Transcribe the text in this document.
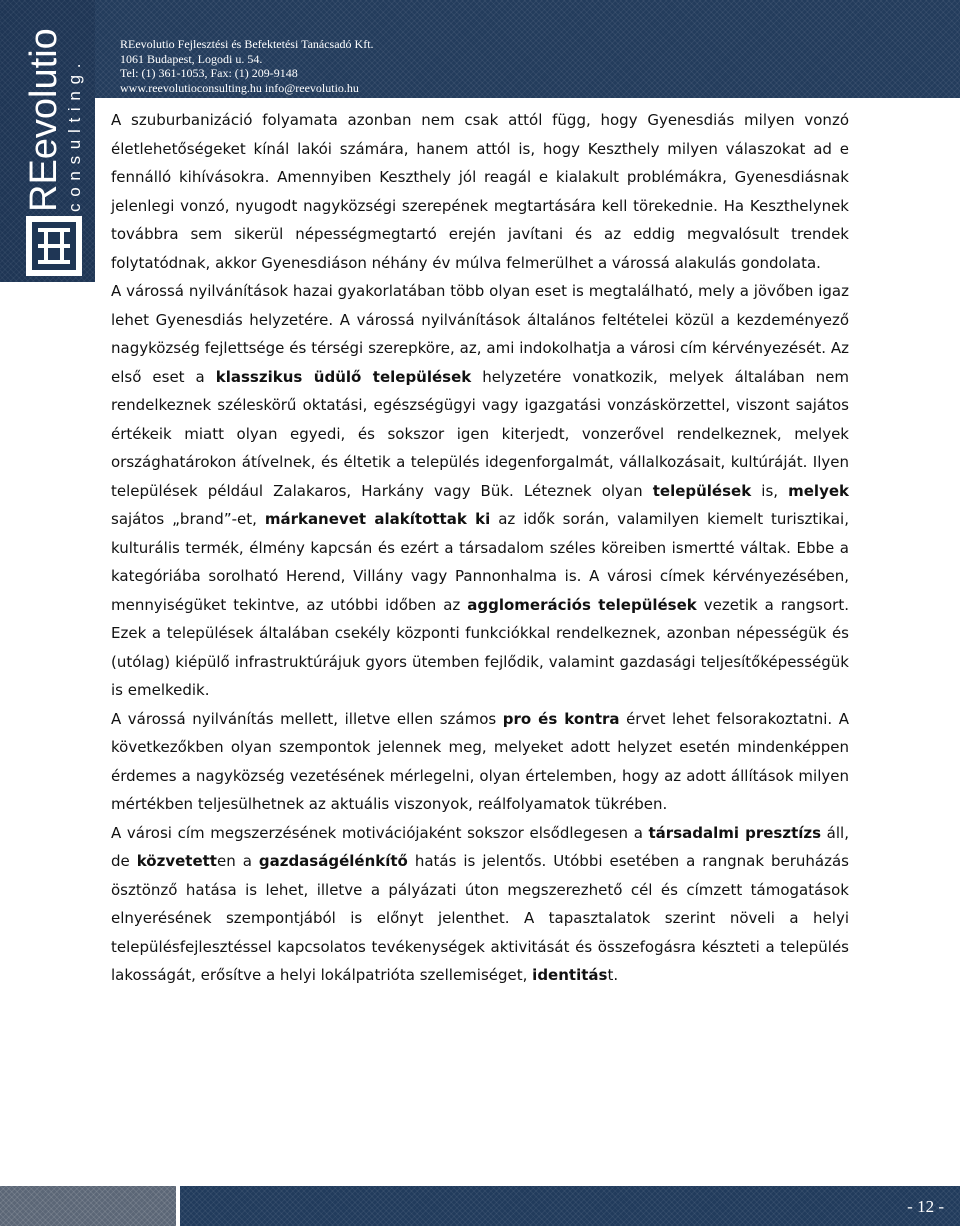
REevolutio c o n s u l t i n g .
REevolutio Fejlesztési és Befektetési Tanácsadó Kft.
1061 Budapest, Logodi u. 54.
Tel: (1) 361-1053, Fax: (1) 209-9148
www.reevolutioconsulting.hu info@reevolutio.hu

A szuburbanizáció folyamata azonban nem csak attól függ, hogy Gyenesdiás milyen vonzó életlehetőségeket kínál lakói számára, hanem attól is, hogy Keszthely milyen válaszokat ad e fennálló kihívásokra. Amennyiben Keszthely jól reagál e kialakult problémákra, Gyenesdiásnak jelenlegi vonzó, nyugodt nagyközségi szerepének megtartására kell törekednie. Ha Keszthelynek továbbra sem sikerül népességmegtartó erején javítani és az eddig megvalósult trendek folytatódnak, akkor Gyenesdiáson néhány év múlva felmerülhet a várossá alakulás gondolata.

A várossá nyilvánítások hazai gyakorlatában több olyan eset is megtalálható, mely a jövőben igaz lehet Gyenesdiás helyzetére. A várossá nyilvánítások általános feltételei közül a kezdeményező nagyközség fejlettsége és térségi szerepköre, az, ami indokolhatja a városi cím kérvényezését. Az első eset a klasszikus üdülő települések helyzetére vonatkozik, melyek általában nem rendelkeznek széleskörű oktatási, egészségügyi vagy igazgatási vonzáskörzettel, viszont sajátos értékeik miatt olyan egyedi, és sokszor igen kiterjedt, vonzerővel rendelkeznek, melyek országhatárokon átívelnek, és éltetik a település idegenforgalmát, vállalkozásait, kultúráját. Ilyen települések például Zalakaros, Harkány vagy Bük. Léteznek olyan települések is, melyek sajátos „brand”-et, márkanevet alakítottak ki az idők során, valamilyen kiemelt turisztikai, kulturális termék, élmény kapcsán és ezért a társadalom széles köreiben ismertté váltak. Ebbe a kategóriába sorolható Herend, Villány vagy Pannonhalma is. A városi címek kérvényezésében, mennyiségüket tekintve, az utóbbi időben az agglomerációs települések vezetik a rangsort. Ezek a települések általában csekély központi funkciókkal rendelkeznek, azonban népességük és (utólag) kiépülő infrastruktúrájuk gyors ütemben fejlődik, valamint gazdasági teljesítőképességük is emelkedik.

A várossá nyilvánítás mellett, illetve ellen számos pro és kontra érvet lehet felsorakoztatni. A következőkben olyan szempontok jelennek meg, melyeket adott helyzet esetén mindenképpen érdemes a nagyközség vezetésének mérlegelni, olyan értelemben, hogy az adott állítások milyen mértékben teljesülhetnek az aktuális viszonyok, reálfolyamatok tükrében.

A városi cím megszerzésének motivációjaként sokszor elsődlegesen a társadalmi presztízs áll, de közvetetten a gazdaságélénkítő hatás is jelentős. Utóbbi esetében a rangnak beruházás ösztönző hatása is lehet, illetve a pályázati úton megszerezhető cél és címzett támogatások elnyerésének szempontjából is előnyt jelenthet. A tapasztalatok szerint növeli a helyi településfejlesztéssel kapcsolatos tevékenységek aktivitását és összefogásra készteti a település lakosságát, erősítve a helyi lokálpatrióta szellemiséget, identitást.

- 12 -
